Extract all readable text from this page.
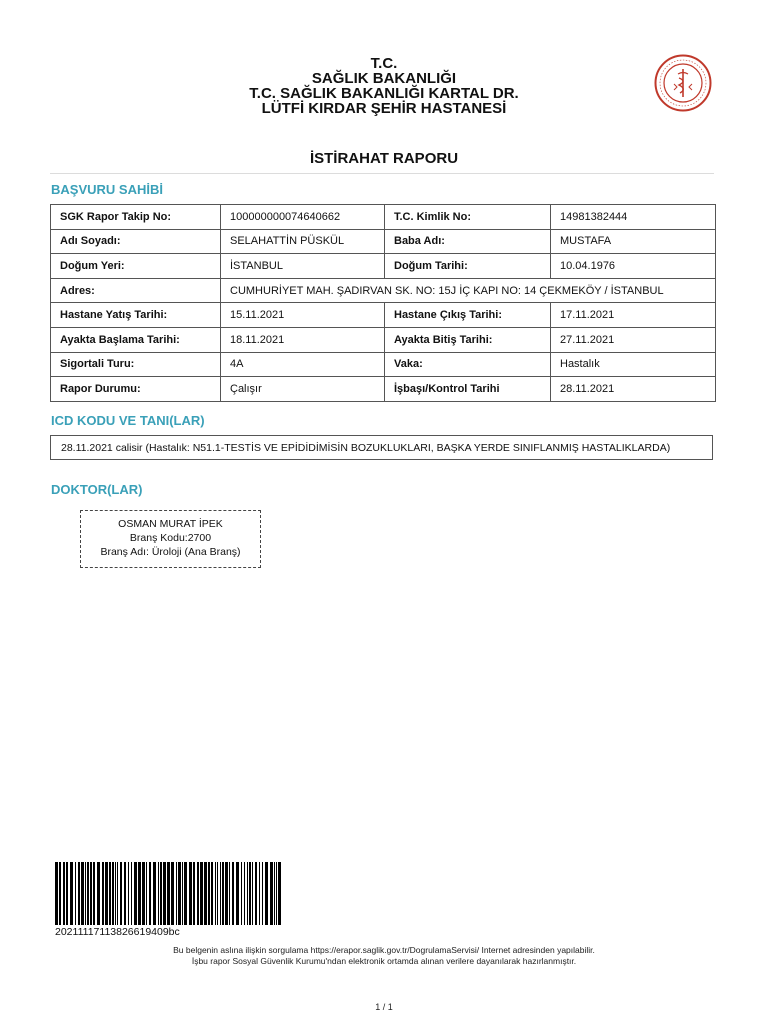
T.C.
SAĞLIK BAKANLIĞI
T.C. SAĞLIK BAKANLIĞI KARTAL DR.
LÜTFİ KIRDAR ŞEHİR HASTANESİ
İSTİRAHAT RAPORU
BAŞVURU SAHİBİ
SGK Rapor Takip No:	100000000074640662	T.C. Kimlik No:	14981382444
Adı Soyadı:	SELAHATTİN PÜSKÜL	Baba Adı:	MUSTAFA
Doğum Yeri:	İSTANBUL	Doğum Tarihi:	10.04.1976
Adres:	CUMHURİYET MAH. ŞADIRVAN SK. NO: 15J İÇ KAPI NO: 14 ÇEKMEKÖY / İSTANBUL		
Hastane Yatış Tarihi:	15.11.2021	Hastane Çıkış Tarihi:	17.11.2021
Ayakta Başlama Tarihi:	18.11.2021	Ayakta Bitiş Tarihi:	27.11.2021
Sigortali Turu:	4A	Vaka:	Hastalık
Rapor Durumu:	Çalışır	İşbaşı/Kontrol Tarihi	28.11.2021
ICD KODU VE TANI(LAR)
28.11.2021 calisir (Hastalık: N51.1-TESTİS VE EPİDİDİMİSİN BOZUKLUKLARI, BAŞKA YERDE SINIFLANMIŞ HASTALIKLARDA)
DOKTOR(LAR)
OSMAN MURAT İPEK
Branş Kodu:2700
Branş Adı: Üroloji (Ana Branş)
20211117113826619409bc
Bu belgenin aslına ilişkin sorgulama https://erapor.saglik.gov.tr/DogrulamaServisi/ Internet adresinden yapılabilir.
İşbu rapor Sosyal Güvenlik Kurumu'ndan elektronik ortamda alınan verilere dayanılarak hazırlanmıştır.
1 / 1
